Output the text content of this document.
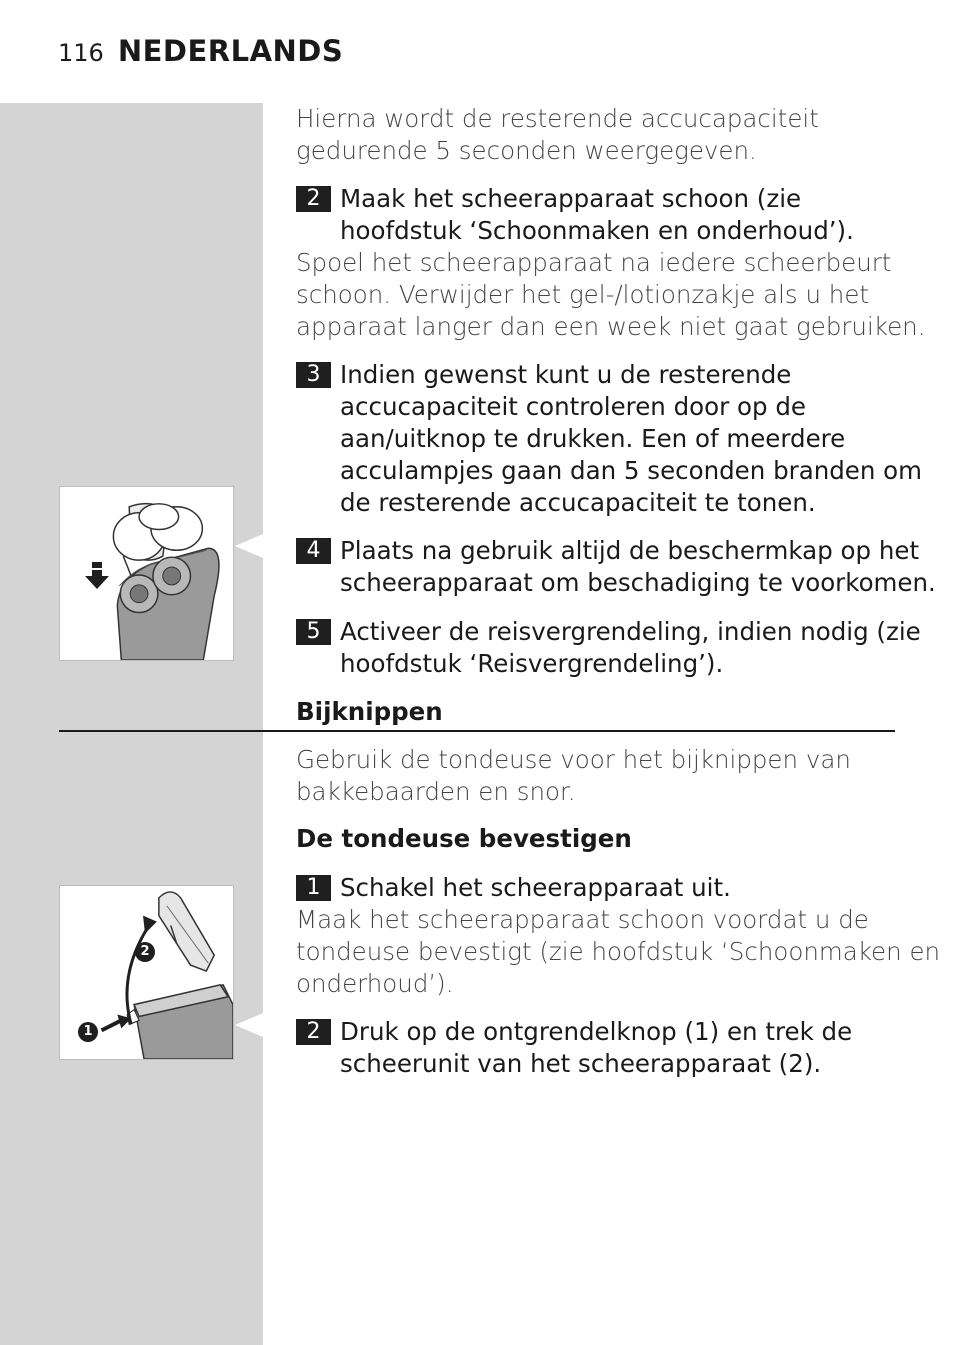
116 NEDERLANDS
2
1
Hierna wordt de resterende accucapaciteit
gedurende 5 seconden weergegeven.
2 Maak het scheerapparaat schoon (zie
hoofdstuk ‘Schoonmaken en onderhoud’).
Spoel het scheerapparaat na iedere scheerbeurt
schoon. Verwijder het gel-/lotionzakje als u het
apparaat langer dan een week niet gaat gebruiken.
3 Indien gewenst kunt u de resterende
accucapaciteit controleren door op de
aan/uitknop te drukken. Een of meerdere
acculampjes gaan dan 5 seconden branden om
de resterende accucapaciteit te tonen.
4 Plaats na gebruik altijd de beschermkap op het
scheerapparaat om beschadiging te voorkomen.
5 Activeer de reisvergrendeling, indien nodig (zie
hoofdstuk ‘Reisvergrendeling’).
Bijknippen
Gebruik de tondeuse voor het bijknippen van
bakkebaarden en snor.
De tondeuse bevestigen
1 Schakel het scheerapparaat uit.
Maak het scheerapparaat schoon voordat u de
tondeuse bevestigt (zie hoofdstuk ‘Schoonmaken en
onderhoud’).
2 Druk op de ontgrendelknop (1) en trek de
scheerunit van het scheerapparaat (2).
